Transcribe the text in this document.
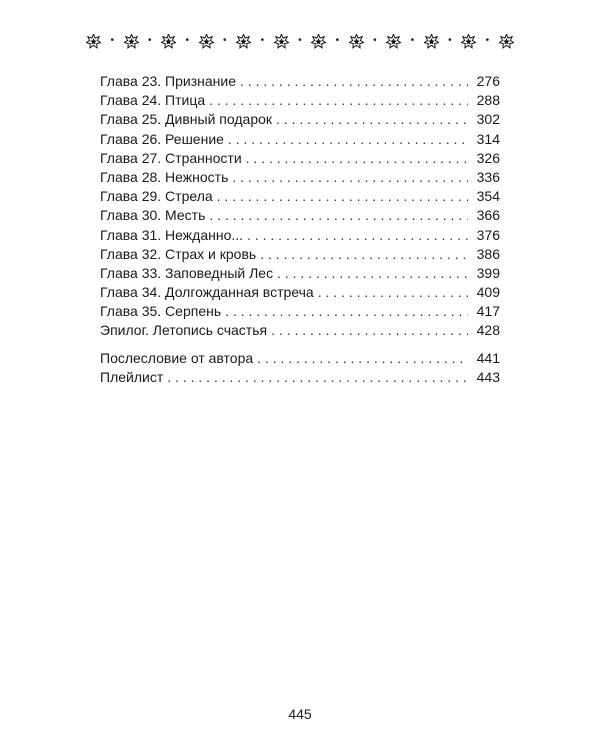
•	•	•	•	•	•	•	•	•	•	•
Глава 23. Признание . . .	276
Глава 24. Птица . . .	288
Глава 25. Дивный подарок . . .	302
Глава 26. Решение . . .	314
Глава 27. Странности . . .	326
Глава 28. Нежность . . .	336
Глава 29. Стрела . . .	354
Глава 30. Месть . . .	366
Глава 31. Нежданно... . . .	376
Глава 32. Страх и кровь . . .	386
Глава 33. Заповедный Лес . . .	399
Глава 34. Долгожданная встреча . . .	409
Глава 35. Серпень . . .	417
Эпилог. Летопись счастья . . .	428
Послесловие от автора . . .	441
Плейлист . . .	443
445
